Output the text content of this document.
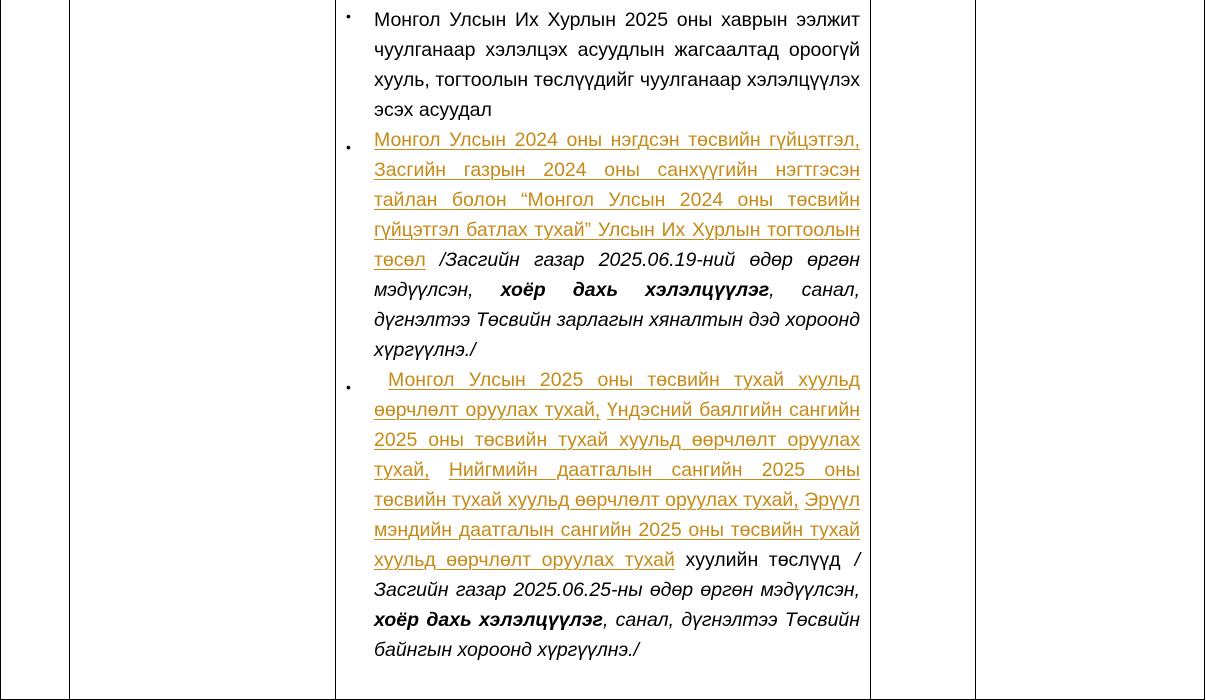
• Монгол Улсын Их Хурлын 2025 оны хаврын ээлжит чуулганаар хэлэлцэх асуудлын жагсаалтад ороогүй хууль, тогтоолын төслүүдийг чуулганаар хэлэлцүүлэх эсэх асуудал

• Монгол Улсын 2024 оны нэгдсэн төсвийн гүйцэтгэл, Засгийн газрын 2024 оны санхүүгийн нэгтгэсэн тайлан болон “Монгол Улсын 2024 оны төсвийн гүйцэтгэл батлах тухай” Улсын Их Хурлын тогтоолын төсөл /Засгийн газар 2025.06.19-ний өдөр өргөн мэдүүлсэн, хоёр дахь хэлэлцүүлэг, санал, дүгнэлтээ Төсвийн зарлагын хяналтын дэд хороонд хүргүүлнэ./

•	Монгол Улсын 2025 оны төсвийн тухай хуульд өөрчлөлт оруулах тухай, Үндэсний баялгийн сангийн 2025 оны төсвийн тухай хуульд өөрчлөлт оруулах тухай, Нийгмийн даатгалын сангийн 2025 оны төсвийн тухай хуульд өөрчлөлт оруулах тухай, Эрүүл мэндийн даатгалын сангийн 2025 оны төсвийн тухай хуульд өөрчлөлт оруулах тухай хуулийн төслүүд /Засгийн газар 2025.06.25-ны өдөр өргөн мэдүүлсэн, хоёр дахь хэлэлцүүлэг, санал, дүгнэлтээ Төсвийн байнгын хороонд хүргүүлнэ./
